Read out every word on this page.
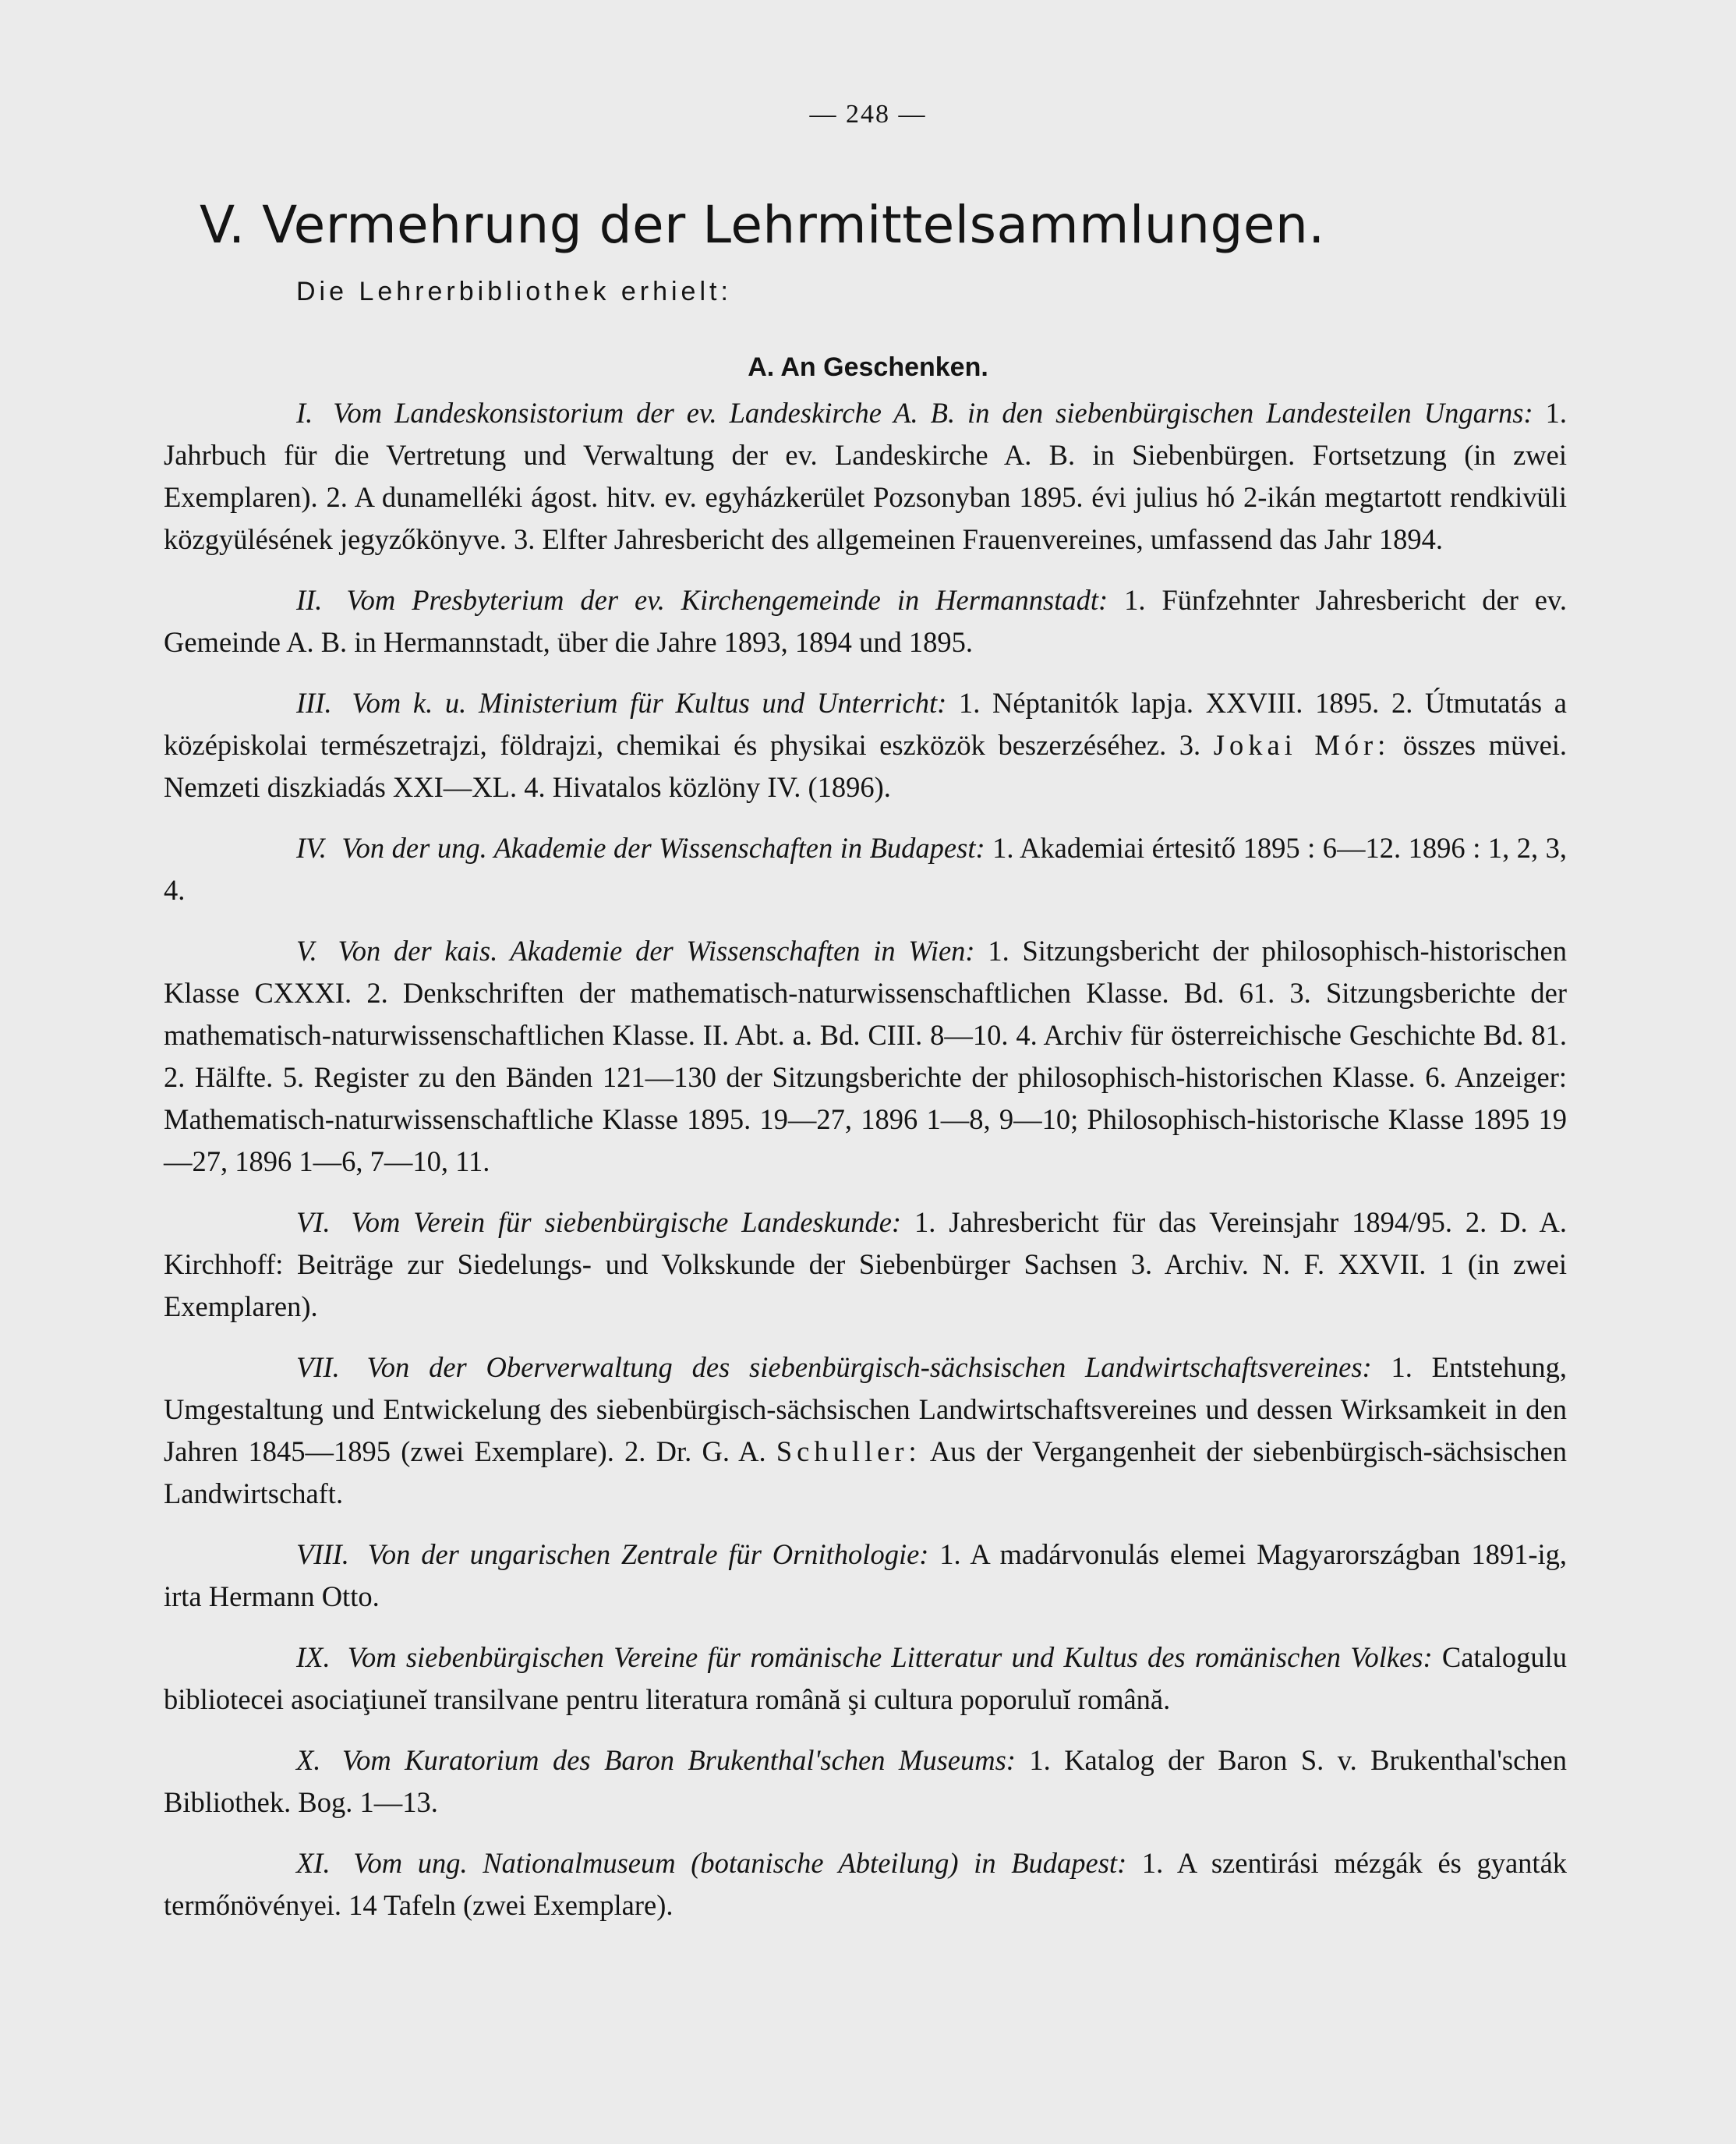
— 248 —
V. Vermehrung der Lehrmittelsammlungen.
Die Lehrerbibliothek erhielt:
A. An Geschenken.

I. Vom Landeskonsistorium der ev. Landeskirche A. B. in den siebenbürgischen Landesteilen Ungarns: 1. Jahrbuch für die Vertretung und Verwaltung der ev. Landeskirche A. B. in Siebenbürgen. Fortsetzung (in zwei Exemplaren). 2. A dunamelléki ágost. hitv. ev. egyházkerület Pozsonyban 1895. évi julius hó 2-ikán megtartott rendkivüli közgyülésének jegyzőkönyve. 3. Elfter Jahresbericht des allgemeinen Frauenvereines, umfassend das Jahr 1894.

II. Vom Presbyterium der ev. Kirchengemeinde in Hermannstadt: 1. Fünfzehnter Jahresbericht der ev. Gemeinde A. B. in Hermannstadt, über die Jahre 1893, 1894 und 1895.

III. Vom k. u. Ministerium für Kultus und Unterricht: 1. Néptanitók lapja. XXVIII. 1895. 2. Útmutatás a középiskolai természetrajzi, földrajzi, chemikai és physikai eszközök beszerzéséhez. 3. Jokai Mór: összes müvei. Nemzeti diszkiadás XXI—XL. 4. Hivatalos közlöny IV. (1896).

IV. Von der ung. Akademie der Wissenschaften in Budapest: 1. Akademiai értesitő 1895 : 6—12. 1896 : 1, 2, 3, 4.

V. Von der kais. Akademie der Wissenschaften in Wien: 1. Sitzungsbericht der philosophisch-historischen Klasse CXXXI. 2. Denkschriften der mathematisch-naturwissenschaftlichen Klasse. Bd. 61. 3. Sitzungsberichte der mathematisch-naturwissenschaftlichen Klasse. II. Abt. a. Bd. CIII. 8—10. 4. Archiv für österreichische Geschichte Bd. 81. 2. Hälfte. 5. Register zu den Bänden 121—130 der Sitzungsberichte der philosophisch-historischen Klasse. 6. Anzeiger: Mathematisch-naturwissenschaftliche Klasse 1895. 19—27, 1896 1—8, 9—10; Philosophisch-historische Klasse 1895 19—27, 1896 1—6, 7—10, 11.

VI. Vom Verein für siebenbürgische Landeskunde: 1. Jahresbericht für das Vereinsjahr 1894/95. 2. D. A. Kirchhoff: Beiträge zur Siedelungs- und Volkskunde der Siebenbürger Sachsen 3. Archiv. N. F. XXVII. 1 (in zwei Exemplaren).

VII. Von der Oberverwaltung des siebenbürgisch-sächsischen Landwirtschaftsvereines: 1. Entstehung, Umgestaltung und Entwickelung des siebenbürgisch-sächsischen Landwirtschaftsvereines und dessen Wirksamkeit in den Jahren 1845—1895 (zwei Exemplare). 2. Dr. G. A. Schuller: Aus der Vergangenheit der siebenbürgisch-sächsischen Landwirtschaft.

VIII. Von der ungarischen Zentrale für Ornithologie: 1. A madárvonulás elemei Magyarországban 1891-ig, irta Hermann Otto.

IX. Vom siebenbürgischen Vereine für romänische Litteratur und Kultus des romänischen Volkes: Catalogulu bibliotecei asociaţiuneĭ transilvane pentru literatura română şi cultura poporuluĭ română.

X. Vom Kuratorium des Baron Brukenthal'schen Museums: 1. Katalog der Baron S. v. Brukenthal'schen Bibliothek. Bog. 1—13.

XI. Vom ung. Nationalmuseum (botanische Abteilung) in Budapest: 1. A szentirási mézgák és gyanták termőnövényei. 14 Tafeln (zwei Exemplare).
